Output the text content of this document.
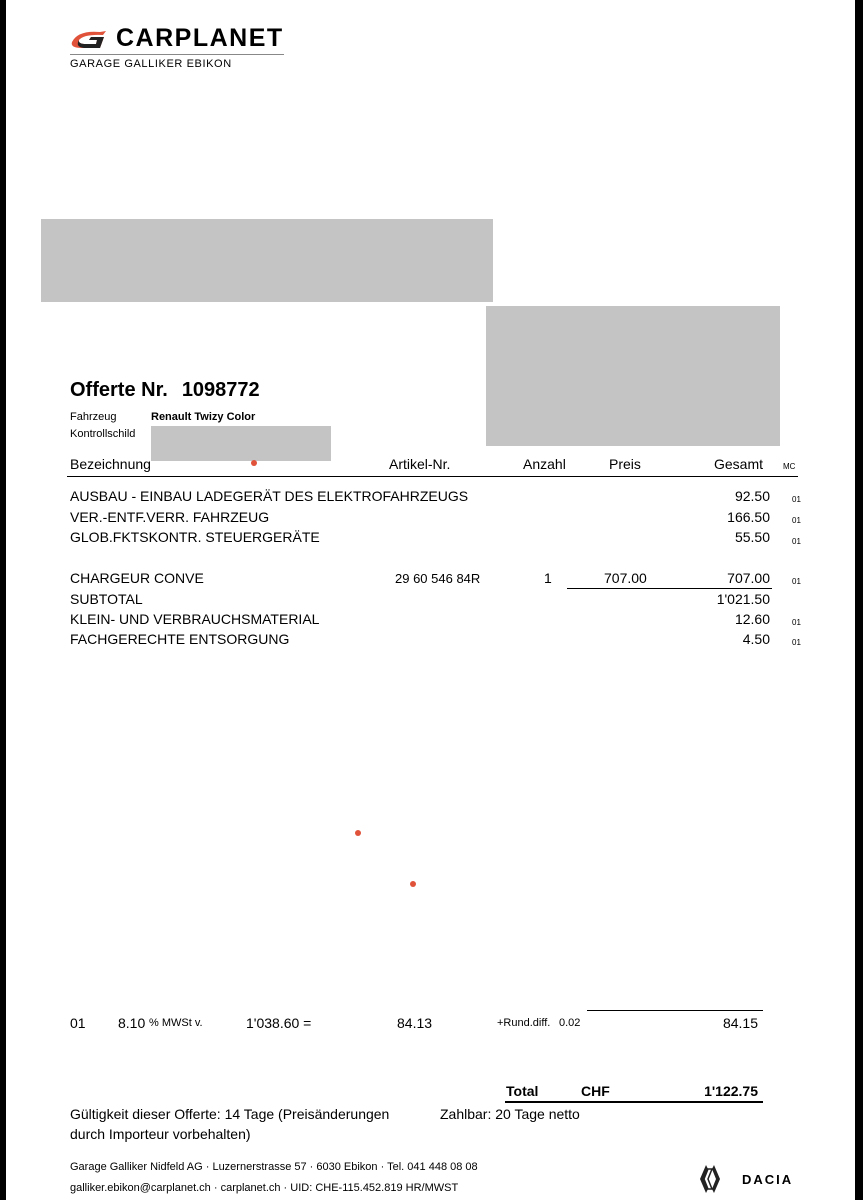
CARPLANET
GARAGE GALLIKER EBIKON
Offerte Nr. 1098772
Fahrzeug	Renault Twizy Color
Kontrollschild
Bezeichnung	Artikel-Nr.	Anzahl	Preis	Gesamt MC
AUSBAU - EINBAU LADEGERÄT DES ELEKTROFAHRZEUGS	92.50	01
VER.-ENTF.VERR. FAHRZEUG	166.50	01
GLOB.FKTSKONTR. STEUERGERÄTE	55.50	01
CHARGEUR CONVE	29 60 546 84R	1	707.00	707.00	01
SUBTOTAL	1'021.50
KLEIN- UND VERBRAUCHSMATERIAL	12.60	01
FACHGERECHTE ENTSORGUNG	4.50	01
01 8.10 % MWSt v.	1'038.60 =	84.13	+Rund.diff. 0.02	84.15
Total	CHF	1'122.75
Gültigkeit dieser Offerte: 14 Tage (Preisänderungen
durch Importeur vorbehalten)
Zahlbar: 20 Tage netto
Garage Galliker Nidfeld AG · Luzernerstrasse 57 · 6030 Ebikon · Tel. 041 448 08 08
galliker.ebikon@carplanet.ch · carplanet.ch · UID: CHE-115.452.819 HR/MWST
DACIA
